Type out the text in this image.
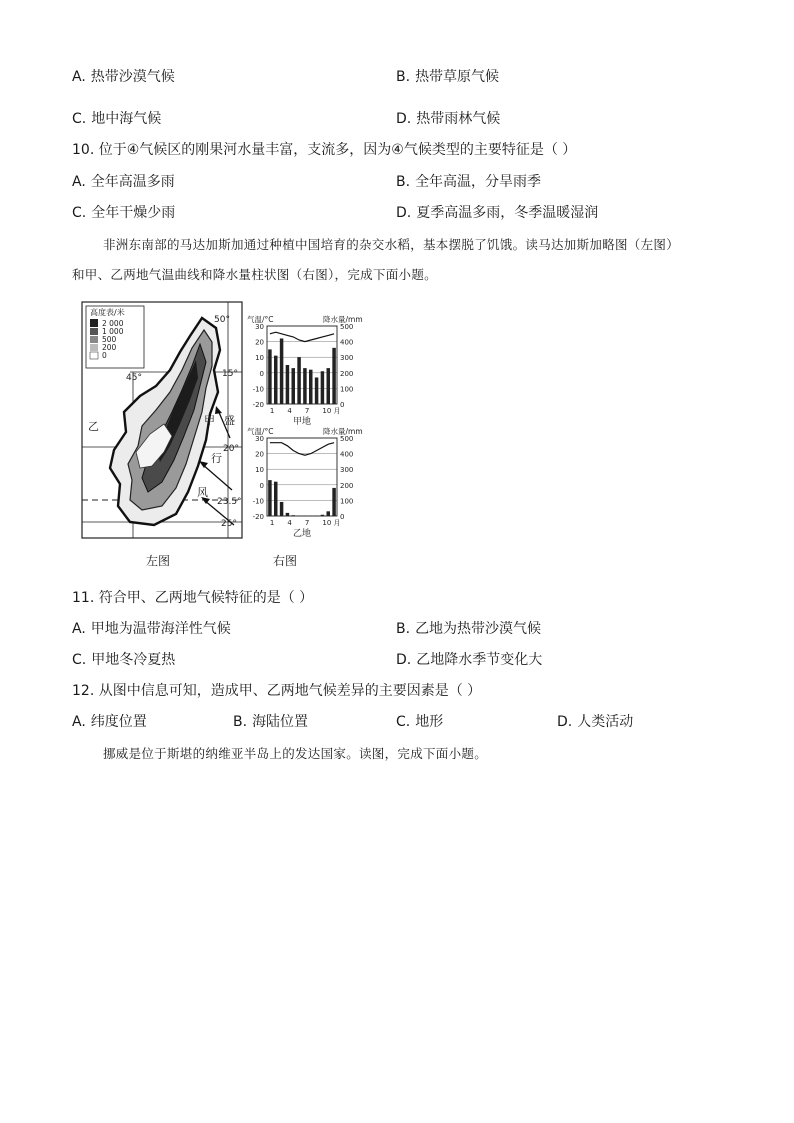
A. 热带沙漠气候	B. 热带草原气候
C. 地中海气候	D. 热带雨林气候
10. 位于④气候区的刚果河水量丰富，支流多，因为④气候类型的主要特征是（ ）
A. 全年高温多雨	B. 全年高温，分旱雨季
C. 全年干燥少雨	D. 夏季高温多雨，冬季温暖湿润
非洲东南部的马达加斯加通过种植中国培育的杂交水稻，基本摆脱了饥饿。读马达加斯加略图（左图）
和甲、乙两地气温曲线和降水量柱状图（右图），完成下面小题。
高度表/米
2 000
1 000
500
200
0
50°
45°	15°
20°
23.5°
25°
甲
乙	盛
行
风
气温/°C	降水量/mm
30	500
20	400
10	300
0	200
-10	100
-20	0
1 4 7 10 月
甲地
气温/°C	降水量/mm
30	500
20	400
10	300
0	200
-10	100
-20	0
1 4 7 10 月
乙地
左图	右图
11. 符合甲、乙两地气候特征的是（ ）
A. 甲地为温带海洋性气候	B. 乙地为热带沙漠气候
C. 甲地冬冷夏热	D. 乙地降水季节变化大
12. 从图中信息可知，造成甲、乙两地气候差异的主要因素是（ ）
A. 纬度位置	B. 海陆位置	C. 地形	D. 人类活动
挪威是位于斯堪的纳维亚半岛上的发达国家。读图，完成下面小题。
